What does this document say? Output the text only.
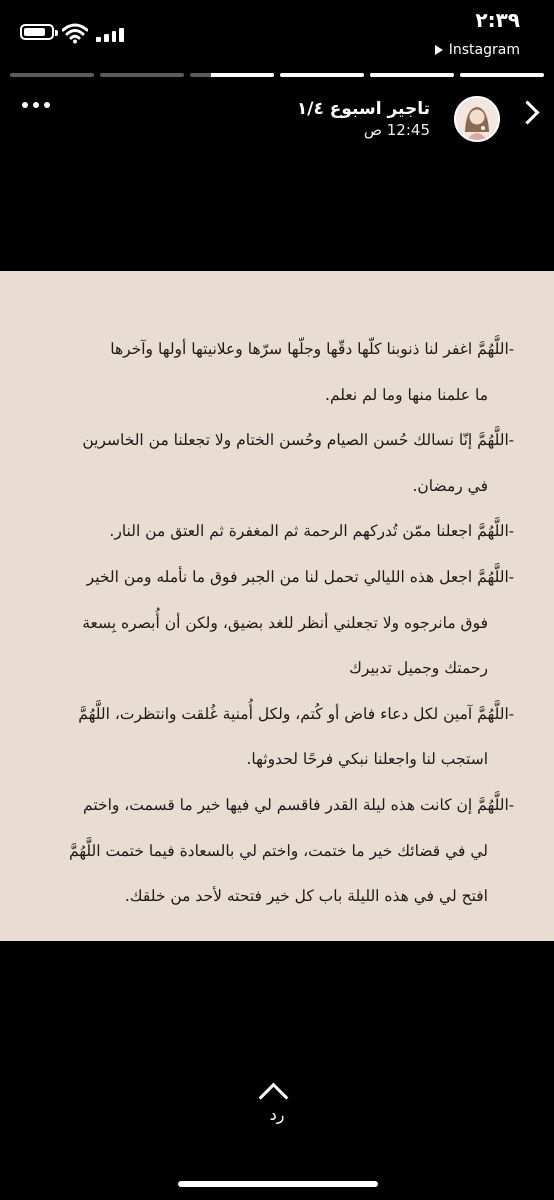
٢:٣٩
Instagram
تاجير اسبوع ١/٤
12:45 ص

-اللَّهُمَّ اغفر لنا ذنوبنا كلّها دقّها وجلّها سرّها وعلانيتها أولها وآخرها

ما علمنا منها وما لم نعلم.

-اللَّهُمَّ إنّا نسالك حُسن الصيام وحُسن الختام ولا تجعلنا من الخاسرين

في رمضان.

-اللَّهُمَّ اجعلنا ممّن تُدركهم الرحمة ثم المغفرة ثم العتق من النار.

-اللَّهُمَّ اجعل هذه الليالي تحمل لنا من الجبر فوق ما نأمله ومن الخير

فوق مانرجوه ولا تجعلني أنظر للغد بضيق، ولكن أن أُبصره بِسعة

رحمتك وجميل تدبيرك

-اللَّهُمَّ آمين لكل دعاء فاض أو كُتم، ولكل أُمنية غُلقت وانتظرت، اللَّهُمَّ

استجب لنا واجعلنا نبكي فرحًا لحدوثها.

-اللَّهُمَّ إن كانت هذه ليلة القدر فاقسم لي فيها خير ما قسمت، واختم

لي في قضائك خير ما ختمت، واختم لي بالسعادة فيما ختمت اللَّهُمَّ

افتح لي في هذه الليلة باب كل خير فتحته لأحد من خلقك.

رد
